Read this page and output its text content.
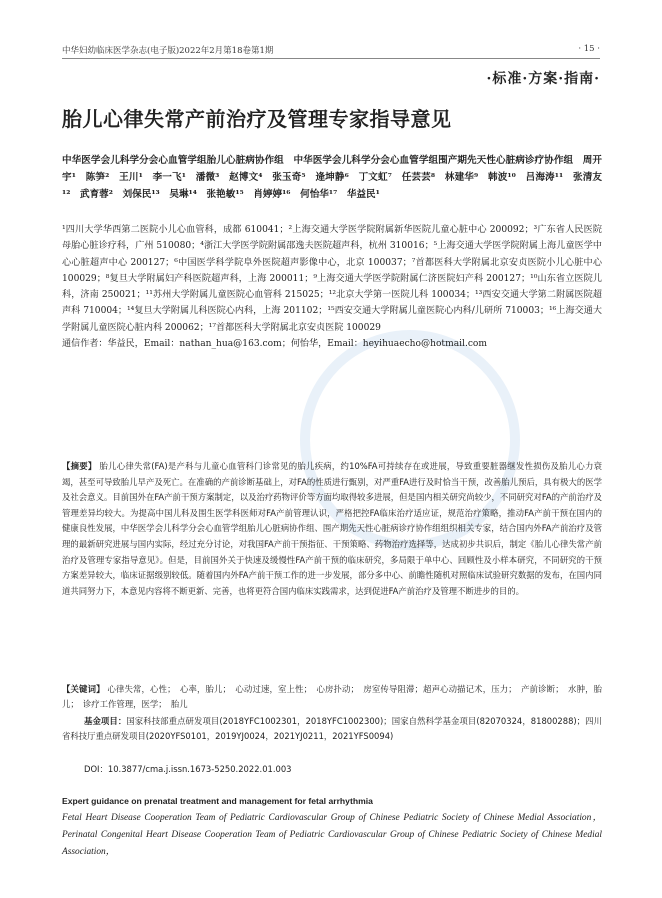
中华妇幼临床医学杂志(电子版)2022年2月第18卷第1期	· 15 ·
·标准·方案·指南·
胎儿心律失常产前治疗及管理专家指导意见
中华医学会儿科学分会心血管学组胎儿心脏病协作组　中华医学会儿科学分会心血管学组围产期先天性心脏病诊疗协作组　周开宇¹　陈笋²　王川¹　李一飞¹　潘微³　赵博文⁴　张玉奇⁵　逄坤静⁶　丁文虹⁷　任芸芸⁸　林建华⁹　韩波¹⁰　吕海涛¹¹　张清友¹²　武育蓉²　刘保民¹³　吴琳¹⁴　张艳敏¹⁵　肖婷婷¹⁶　何怡华¹⁷　华益民¹
¹四川大学华西第二医院小儿心血管科，成都 610041；²上海交通大学医学院附属新华医院儿童心脏中心 200092；³广东省人民医院母胎心脏诊疗科，广州 510080；⁴浙江大学医学院附属邵逸夫医院超声科，杭州 310016；⁵上海交通大学医学院附属上海儿童医学中心心脏超声中心 200127；⁶中国医学科学院阜外医院超声影像中心，北京 100037；⁷首都医科大学附属北京安贞医院小儿心脏中心 100029；⁸复旦大学附属妇产科医院超声科，上海 200011；⁹上海交通大学医学院附属仁济医院妇产科 200127；¹⁰山东省立医院儿科，济南 250021；¹¹苏州大学附属儿童医院心血管科 215025；¹²北京大学第一医院儿科 100034；¹³西安交通大学第二附属医院超声科 710004；¹⁴复旦大学附属儿科医院心内科，上海 201102；¹⁵西安交通大学附属儿童医院心内科/儿研所 710003；¹⁶上海交通大学附属儿童医院心脏内科 200062；¹⁷首都医科大学附属北京安贞医院 100029
通信作者：华益民，Email：nathan_hua@163.com；何怡华，Email：heyihuaecho@hotmail.com
【摘要】 胎儿心律失常(FA)是产科与儿童心血管科门诊常见的胎儿疾病，约10%FA可持续存在或进展，导致重要脏器继发性损伤及胎儿心力衰竭，甚至可导致胎儿早产及死亡。在准确的产前诊断基础上，对FA的性质进行甄别，对严重FA进行及时恰当干预，改善胎儿预后，具有极大的医学及社会意义。目前国外在FA产前干预方案制定，以及治疗药物评价等方面均取得较多进展，但是国内相关研究尚较少，不同研究对FA的产前治疗及管理差异均较大。为提高中国儿科及围生医学科医师对FA产前管理认识，严格把控FA临床治疗适应证，规范治疗策略，推动FA产前干预在国内的健康良性发展，中华医学会儿科学分会心血管学组胎儿心脏病协作组、围产期先天性心脏病诊疗协作组组织相关专家，结合国内外FA产前治疗及管理的最新研究进展与国内实际，经过充分讨论，对我国FA产前干预指征、干预策略、药物治疗选择等，达成初步共识后，制定《胎儿心律失常产前治疗及管理专家指导意见》。但是，目前国外关于快速及缓慢性FA产前干预的临床研究，多局限于单中心、回顾性及小样本研究，不同研究的干预方案差异较大，临床证据级别较低。随着国内外FA产前干预工作的进一步发展，部分多中心、前瞻性随机对照临床试验研究数据的发布，在国内同道共同努力下，本意见内容将不断更新、完善，也将更符合国内临床实践需求，达到促进FA产前治疗及管理不断进步的目的。
【关键词】 心律失常，心性；　心率，胎儿；　心动过速，室上性；　心房扑动；　房室传导阻滞；超声心动描记术，压力；　产前诊断；　水肿，胎儿；　诊疗工作管理，医学；　胎儿
基金项目：国家科技部重点研发项目(2018YFC1002301，2018YFC1002300)；国家自然科学基金项目(82070324，81800288)；四川省科技厅重点研发项目(2020YFS0101，2019YJ0024，2021YJ0211，2021YFS0094)
DOI：10.3877/cma.j.issn.1673-5250.2022.01.003
Expert guidance on prenatal treatment and management for fetal arrhythmia
Fetal Heart Disease Cooperation Team of Pediatric Cardiovascular Group of Chinese Pediatric Society of Chinese Medial Association，Perinatal Congenital Heart Disease Cooperation Team of Pediatric Cardiovascular Group of Chinese Pediatric Society of Chinese Medial Association，
